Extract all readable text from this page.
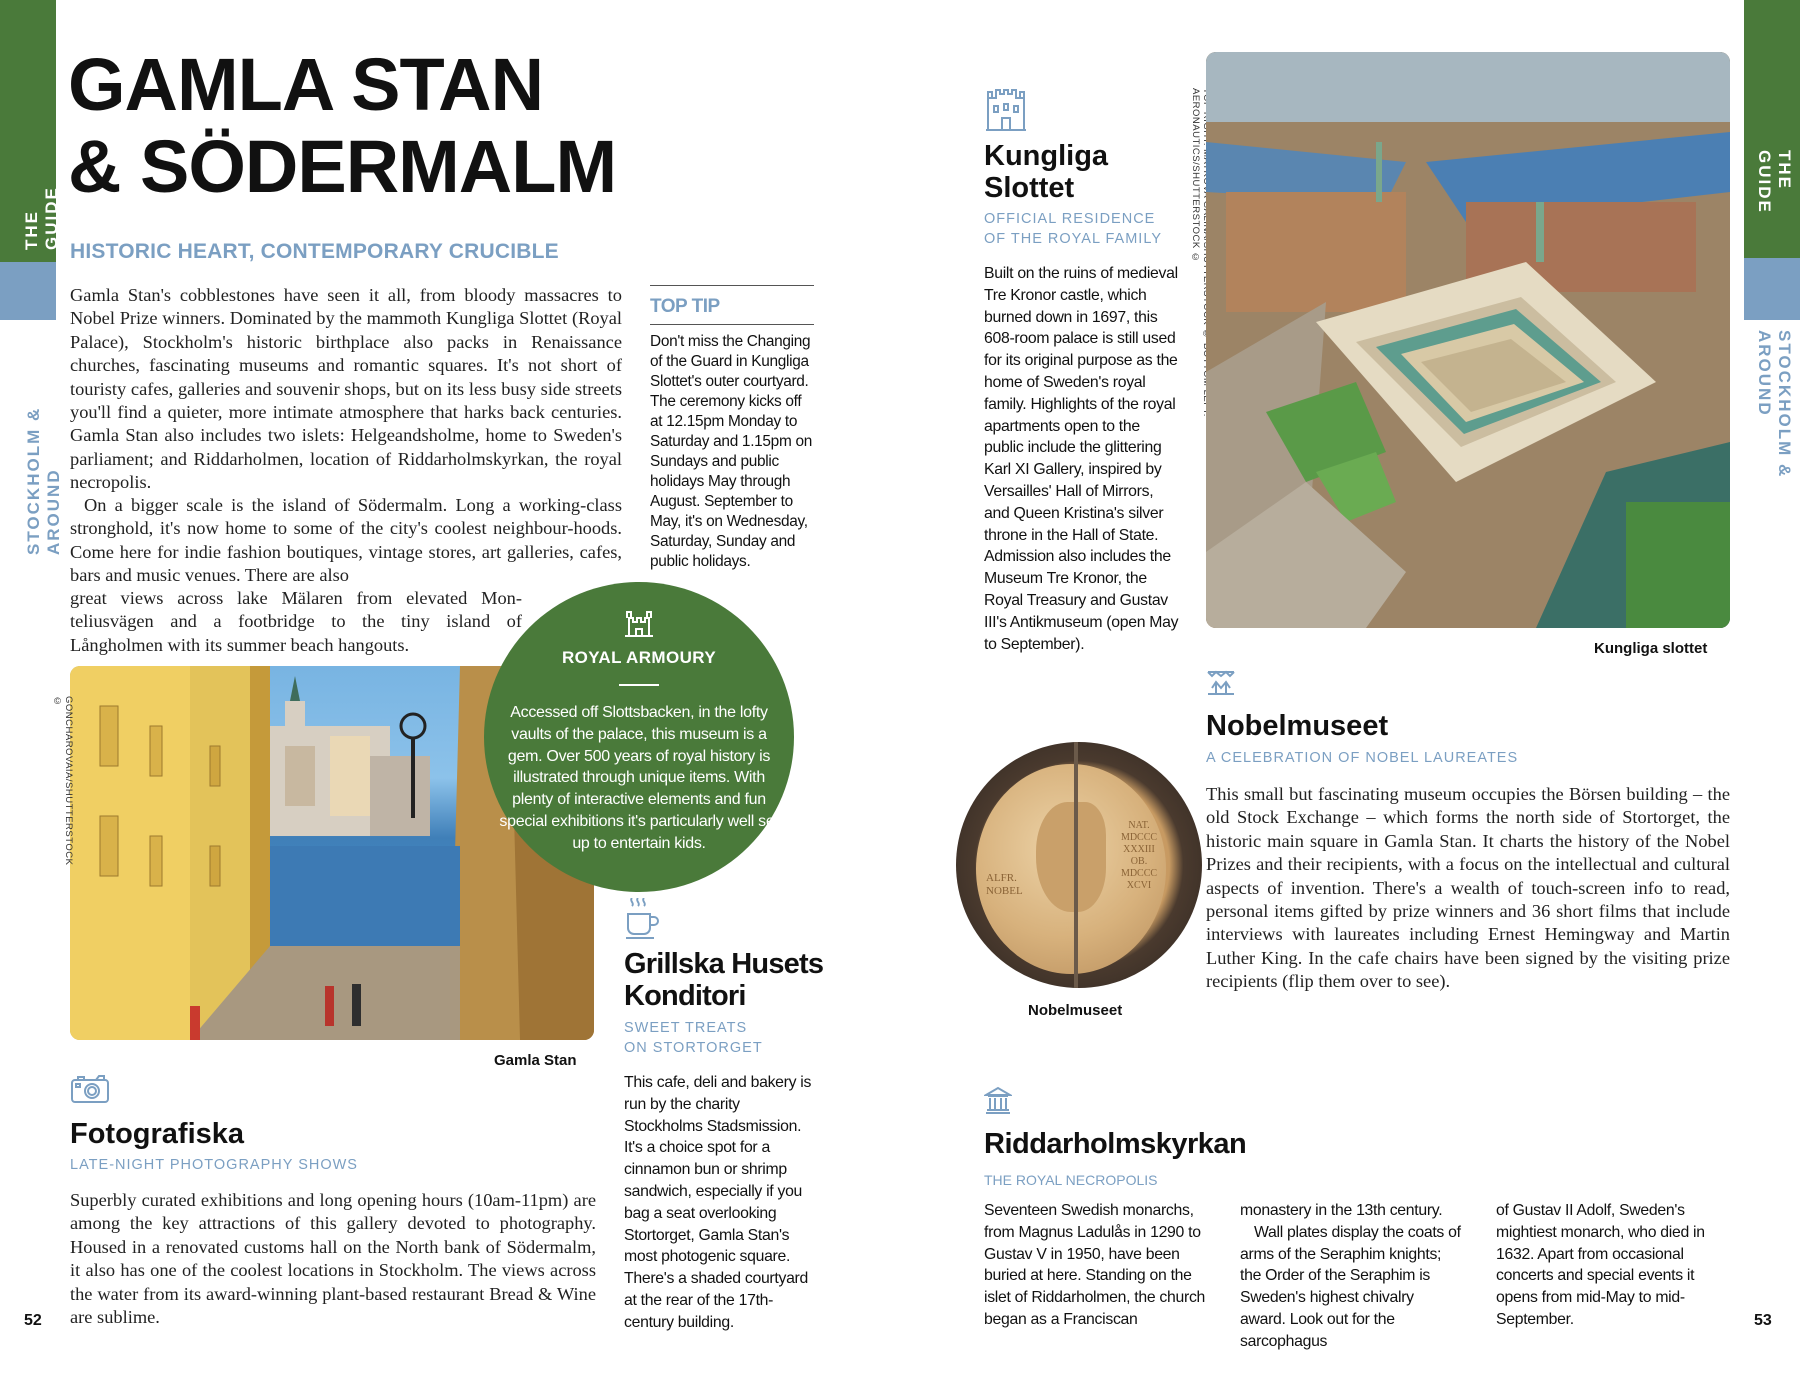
THE GUIDE
STOCKHOLM & AROUND
THE GUIDE
STOCKHOLM & AROUND
GAMLA STAN
& SÖDERMALM
HISTORIC HEART, CONTEMPORARY CRUCIBLE
Gamla Stan's cobblestones have seen it all, from bloody massacres to Nobel Prize winners. Dominated by the mammoth Kungliga Slottet (Royal Palace), Stockholm's historic birthplace also packs in Renaissance churches, fascinating museums and romantic squares. It's not short of touristy cafes, galleries and souvenir shops, but on its less busy side streets you'll find a quieter, more intimate atmosphere that harks back centuries. Gamla Stan also includes two islets: Helgeandsholme, home to Sweden's parliament; and Riddarholmen, location of Riddarholmskyrkan, the royal necropolis.
On a bigger scale is the island of Södermalm. Long a working-class stronghold, it's now home to some of the city's coolest neighbour-hoods. Come here for indie fashion boutiques, vintage stores, art galleries, cafes, bars and music venues. There are also
great views across lake Mälaren from elevated Mon-teliusvägen and a footbridge to the tiny island of Långholmen with its summer beach hangouts.
TOP TIP
Don't miss the Changing of the Guard in Kungliga Slottet's outer courtyard. The ceremony kicks off at 12.15pm Monday to Saturday and 1.15pm on Sundays and public holidays May through August. September to May, it's on Wednesday, Saturday, Sunday and public holidays.
GONCHAROVAIA/SHUTTERSTOCK ©
Gamla Stan
ROYAL ARMOURY
Accessed off Slottsbacken, in the lofty vaults of the palace, this museum is a gem. Over 500 years of royal history is illustrated through unique items. With plenty of interactive elements and fun special exhibitions it's particularly well set up to entertain kids.
Grillska Husets
Konditori
SWEET TREATS
ON STORTORGET
This cafe, deli and bakery is run by the charity Stockholms Stadsmission. It's a choice spot for a cinnamon bun or shrimp sandwich, especially if you bag a seat overlooking Stortorget, Gamla Stan's most photogenic square. There's a shaded courtyard at the rear of the 17th-century building.
Fotografiska
LATE-NIGHT PHOTOGRAPHY SHOWS
Superbly curated exhibitions and long opening hours (10am-11pm) are among the key attractions of this gallery devoted to photography. Housed in a renovated customs hall on the North bank of Södermalm, it also has one of the coolest locations in Stockholm. The views across the water from its award-winning plant-based restaurant Bread & Wine are sublime.
52
Kungliga
Slottet
OFFICIAL RESIDENCE
OF THE ROYAL FAMILY
Built on the ruins of medieval Tre Kronor castle, which burned down in 1697, this 608-room palace is still used for its original purpose as the home of Sweden's royal family. Highlights of the royal apartments open to the public include the glittering Karl XI Gallery, inspired by Versailles' Hall of Mirrors, and Queen Kristina's silver throne in the Hall of State. Admission also includes the Museum Tre Kronor, the Royal Treasury and Gustav III's Antikmuseum (open May to September).
AERONAUTICS/SHUTTERSTOCK ©
Kungliga slottet
Nobelmuseet
A CELEBRATION OF NOBEL LAUREATES
This small but fascinating museum occupies the Börsen building – the old Stock Exchange – which forms the north side of Stortorget, the historic main square in Gamla Stan. It charts the history of the Nobel Prizes and their recipients, with a focus on the intellectual and cultural aspects of invention. There's a wealth of touch-screen info to read, personal items gifted by prize winners and 36 short films that include interviews with laureates including Ernest Hemingway and Martin Luther King. In the cafe chairs have been signed by the visiting prize recipients (flip them over to see).
ALFR. NOBEL
NAT. MDCCC XXXIII OB. MDCCC XCVI
Nobelmuseet
Riddarholmskyrkan
THE ROYAL NECROPOLIS
Seventeen Swedish monarchs, from Magnus Ladulås in 1290 to Gustav V in 1950, have been buried at here. Standing on the islet of Riddarholmen, the church began as a Franciscan
monastery in the 13th century.
Wall plates display the coats of arms of the Seraphim knights; the Order of the Seraphim is Sweden's highest chivalry award. Look out for the sarcophagus
of Gustav II Adolf, Sweden's mightiest monarch, who died in 1632. Apart from occasional concerts and special events it opens from mid-May to mid-September.	53
